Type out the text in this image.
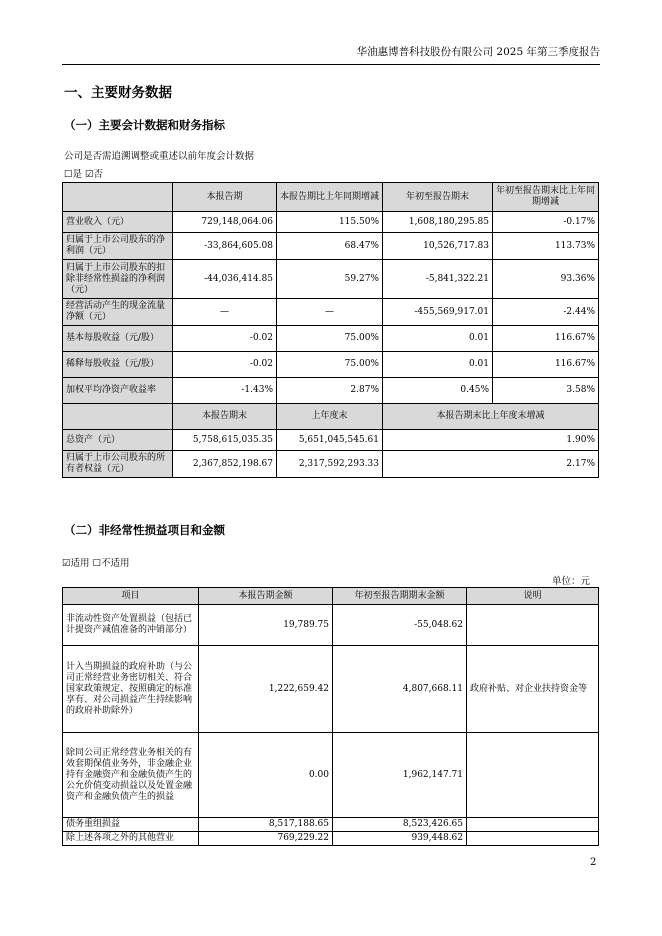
华油惠博普科技股份有限公司 2025 年第三季度报告
一、主要财务数据
（一）主要会计数据和财务指标
公司是否需追溯调整或重述以前年度会计数据
☐是 ☑否
	本报告期	本报告期比上年同期增减	年初至报告期末	年初至报告期末比上年同期增减
营业收入（元）	729,148,064.06	115.50%	1,608,180,295.85	-0.17%
归属于上市公司股东的净利润（元）	-33,864,605.08	68.47%	10,526,717.83	113.73%
归属于上市公司股东的扣除非经常性损益的净利润（元）	-44,036,414.85	59.27%	-5,841,322.21	93.36%
经营活动产生的现金流量净额（元）	—	—	-455,569,917.01	-2.44%
基本每股收益（元/股）	-0.02	75.00%	0.01	116.67%
稀释每股收益（元/股）	-0.02	75.00%	0.01	116.67%
加权平均净资产收益率	-1.43%	2.87%	0.45%	3.58%
	本报告期末	上年度末	本报告期末比上年度末增减	
总资产（元）	5,758,615,035.35	5,651,045,545.61	1.90%	
归属于上市公司股东的所有者权益（元）	2,367,852,198.67	2,317,592,293.33	2.17%	
（二）非经常性损益项目和金额
☑适用 ☐不适用
单位：元
项目	本报告期金额	年初至报告期期末金额	说明
非流动性资产处置损益（包括已计提资产减值准备的冲销部分）	19,789.75	-55,048.62	
计入当期损益的政府补助（与公司正常经营业务密切相关、符合国家政策规定、按照确定的标准享有、对公司损益产生持续影响的政府补助除外）	1,222,659.42	4,807,668.11	政府补贴、对企业扶持资金等
除同公司正常经营业务相关的有效套期保值业务外，非金融企业持有金融资产和金融负债产生的公允价值变动损益以及处置金融资产和金融负债产生的损益	0.00	1,962,147.71	
债务重组损益	8,517,188.65	8,523,426.65	
除上述各项之外的其他营业	769,229.22	939,448.62	
2
